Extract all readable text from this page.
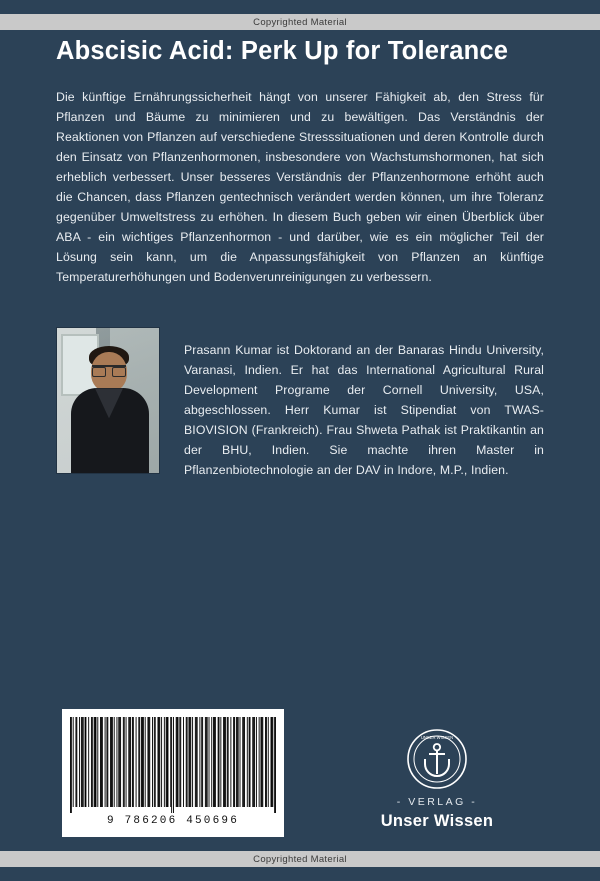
Copyrighted Material
Abscisic Acid: Perk Up for Tolerance

Die künftige Ernährungssicherheit hängt von unserer Fähigkeit ab, den Stress für Pflanzen und Bäume zu minimieren und zu bewältigen. Das Verständnis der Reaktionen von Pflanzen auf verschiedene Stresssituationen und deren Kontrolle durch den Einsatz von Pflanzenhormonen, insbesondere von Wachstumshormonen, hat sich erheblich verbessert. Unser besseres Verständnis der Pflanzenhormone erhöht auch die Chancen, dass Pflanzen gentechnisch verändert werden können, um ihre Toleranz gegenüber Umweltstress zu erhöhen. In diesem Buch geben wir einen Überblick über ABA - ein wichtiges Pflanzenhormon - und darüber, wie es ein möglicher Teil der Lösung sein kann, um die Anpassungsfähigkeit von Pflanzen an künftige Temperaturerhöhungen und Bodenverunreinigungen zu verbessern.

Prasann Kumar ist Doktorand an der Banaras Hindu University, Varanasi, Indien. Er hat das International Agricultural Rural Development Programe der Cornell University, USA, abgeschlossen. Herr Kumar ist Stipendiat von TWAS-BIOVISION (Frankreich). Frau Shweta Pathak ist Praktikantin an der BHU, Indien. Sie machte ihren Master in Pflanzenbiotechnologie an der DAV in Indore, M.P., Indien.

9 786206 450696
UNSER WISSEN
- VERLAG -
Unser Wissen
Copyrighted Material
